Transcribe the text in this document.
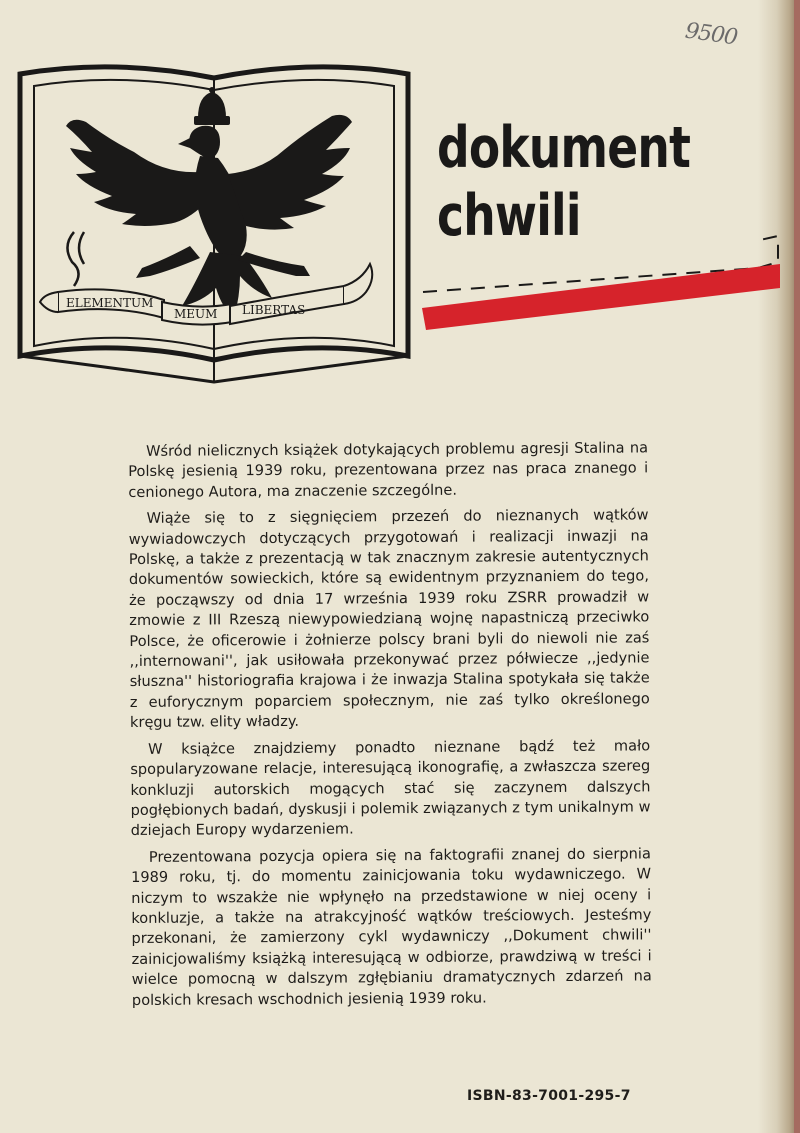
9500
ELEMENTUM
MEUM LIBERTAS
dokument
chwili

Wśród nielicznych książek dotykających problemu agresji Stalina na Polskę jesienią 1939 roku, prezentowana przez nas praca znanego i cenionego Autora, ma znaczenie szczególne.

Wiąże się to z sięgnięciem przezeń do nieznanych wątków wywiadowczych dotyczących przygotowań i realizacji inwazji na Polskę, a także z prezentacją w tak znacznym zakresie autentycznych dokumentów sowieckich, które są ewidentnym przyznaniem do tego, że począwszy od dnia 17 września 1939 roku ZSRR prowadził w zmowie z III Rzeszą niewypowiedzianą wojnę napastniczą przeciwko Polsce, że oficerowie i żołnierze polscy brani byli do niewoli nie zaś ,,internowani'', jak usiłowała przekonywać przez półwiecze ,,jedynie słuszna'' historiografia krajowa i że inwazja Stalina spotykała się także z euforycznym poparciem społecznym, nie zaś tylko określonego kręgu tzw. elity władzy.

W książce znajdziemy ponadto nieznane bądź też mało spopularyzowane relacje, interesującą ikonografię, a zwłaszcza szereg konkluzji autorskich mogących stać się zaczynem dalszych pogłębionych badań, dyskusji i polemik związanych z tym unikalnym w dziejach Europy wydarzeniem.

Prezentowana pozycja opiera się na faktografii znanej do sierpnia 1989 roku, tj. do momentu zainicjowania toku wydawniczego. W niczym to wszakże nie wpłynęło na przedstawione w niej oceny i konkluzje, a także na atrakcyjność wątków treściowych. Jesteśmy przekonani, że zamierzony cykl wydawniczy ,,Dokument chwili'' zainicjowaliśmy książką interesującą w odbiorze, prawdziwą w treści i wielce pomocną w dalszym zgłębianiu dramatycznych zdarzeń na polskich kresach wschodnich jesienią 1939 roku.

ISBN-83-7001-295-7
